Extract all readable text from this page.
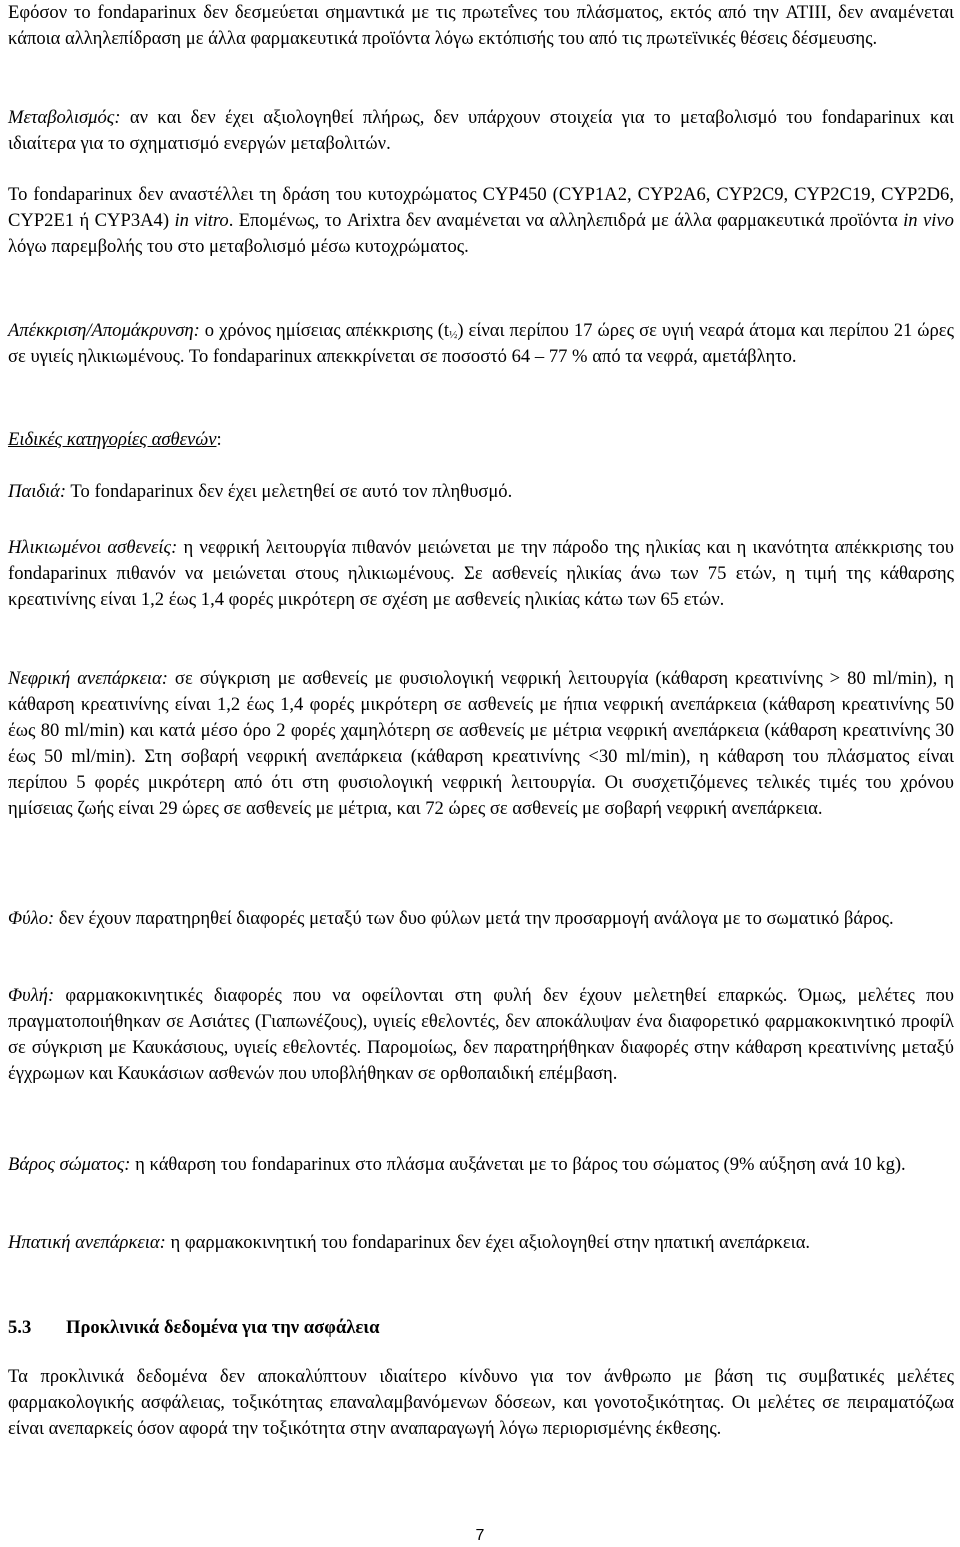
Εφόσον το fondaparinux δεν δεσμεύεται σημαντικά με τις πρωτεΐνες του πλάσματος, εκτός από την ATIII, δεν αναμένεται κάποια αλληλεπίδραση με άλλα φαρμακευτικά προϊόντα λόγω εκτόπισής του από τις πρωτεϊνικές θέσεις δέσμευσης.

Μεταβολισμός: αν και δεν έχει αξιολογηθεί πλήρως, δεν υπάρχουν στοιχεία για το μεταβολισμό του fondaparinux και ιδιαίτερα για το σχηματισμό ενεργών μεταβολιτών.

Το fondaparinux δεν αναστέλλει τη δράση του κυτοχρώματος CYP450 (CYP1A2, CYP2A6, CYP2C9, CYP2C19, CYP2D6, CYP2E1 ή CYP3A4) in vitro. Επομένως, το Arixtra δεν αναμένεται να αλληλεπιδρά με άλλα φαρμακευτικά προϊόντα in vivo λόγω παρεμβολής του στο μεταβολισμό μέσω κυτοχρώματος.

Απέκκριση/Απομάκρυνση: ο χρόνος ημίσειας απέκκρισης $(t_{\frac{1}{2}})$ είναι περίπου 17 ώρες σε υγιή νεαρά άτομα και περίπου 21 ώρες σε υγιείς ηλικιωμένους. Το fondaparinux απεκκρίνεται σε ποσοστό 64 – 77 % από τα νεφρά, αμετάβλητο.

Ειδικές κατηγορίες ασθενών:

Παιδιά: Το fondaparinux δεν έχει μελετηθεί σε αυτό τον πληθυσμό.

Ηλικιωμένοι ασθενείς: η νεφρική λειτουργία πιθανόν μειώνεται με την πάροδο της ηλικίας και η ικανότητα απέκκρισης του fondaparinux πιθανόν να μειώνεται στους ηλικιωμένους. Σε ασθενείς ηλικίας άνω των 75 ετών, η τιμή της κάθαρσης κρεατινίνης είναι 1,2 έως 1,4 φορές μικρότερη σε σχέση με ασθενείς ηλικίας κάτω των 65 ετών.

Νεφρική ανεπάρκεια: σε σύγκριση με ασθενείς με φυσιολογική νεφρική λειτουργία (κάθαρση κρεατινίνης > 80 ml/min), η κάθαρση κρεατινίνης είναι 1,2 έως 1,4 φορές μικρότερη σε ασθενείς με ήπια νεφρική ανεπάρκεια (κάθαρση κρεατινίνης 50 έως 80 ml/min) και κατά μέσο όρο 2 φορές χαμηλότερη σε ασθενείς με μέτρια νεφρική ανεπάρκεια (κάθαρση κρεατινίνης 30 έως 50 ml/min). Στη σοβαρή νεφρική ανεπάρκεια (κάθαρση κρεατινίνης <30 ml/min), η κάθαρση του πλάσματος είναι περίπου 5 φορές μικρότερη από ότι στη φυσιολογική νεφρική λειτουργία. Οι συσχετιζόμενες τελικές τιμές του χρόνου ημίσειας ζωής είναι 29 ώρες σε ασθενείς με μέτρια, και 72 ώρες σε ασθενείς με σοβαρή νεφρική ανεπάρκεια.

Φύλο: δεν έχουν παρατηρηθεί διαφορές μεταξύ των δυο φύλων μετά την προσαρμογή ανάλογα με το σωματικό βάρος.

Φυλή: φαρμακοκινητικές διαφορές που να οφείλονται στη φυλή δεν έχουν μελετηθεί επαρκώς. Όμως, μελέτες που πραγματοποιήθηκαν σε Ασιάτες (Γιαπωνέζους), υγιείς εθελοντές, δεν αποκάλυψαν ένα διαφορετικό φαρμακοκινητικό προφίλ σε σύγκριση με Καυκάσιους, υγιείς εθελοντές. Παρομοίως, δεν παρατηρήθηκαν διαφορές στην κάθαρση κρεατινίνης μεταξύ έγχρωμων και Καυκάσιων ασθενών που υποβλήθηκαν σε ορθοπαιδική επέμβαση.

Βάρος σώματος: η κάθαρση του fondaparinux στο πλάσμα αυξάνεται με το βάρος του σώματος (9% αύξηση ανά 10 kg).

Ηπατική ανεπάρκεια: η φαρμακοκινητική του fondaparinux δεν έχει αξιολογηθεί στην ηπατική ανεπάρκεια.

5.3 Προκλινικά δεδομένα για την ασφάλεια

Τα προκλινικά δεδομένα δεν αποκαλύπτουν ιδιαίτερο κίνδυνο για τον άνθρωπο με βάση τις συμβατικές μελέτες φαρμακολογικής ασφάλειας, τοξικότητας επαναλαμβανόμενων δόσεων, και γονοτοξικότητας. Οι μελέτες σε πειραματόζωα είναι ανεπαρκείς όσον αφορά την τοξικότητα στην αναπαραγωγή λόγω περιορισμένης έκθεσης.

7
